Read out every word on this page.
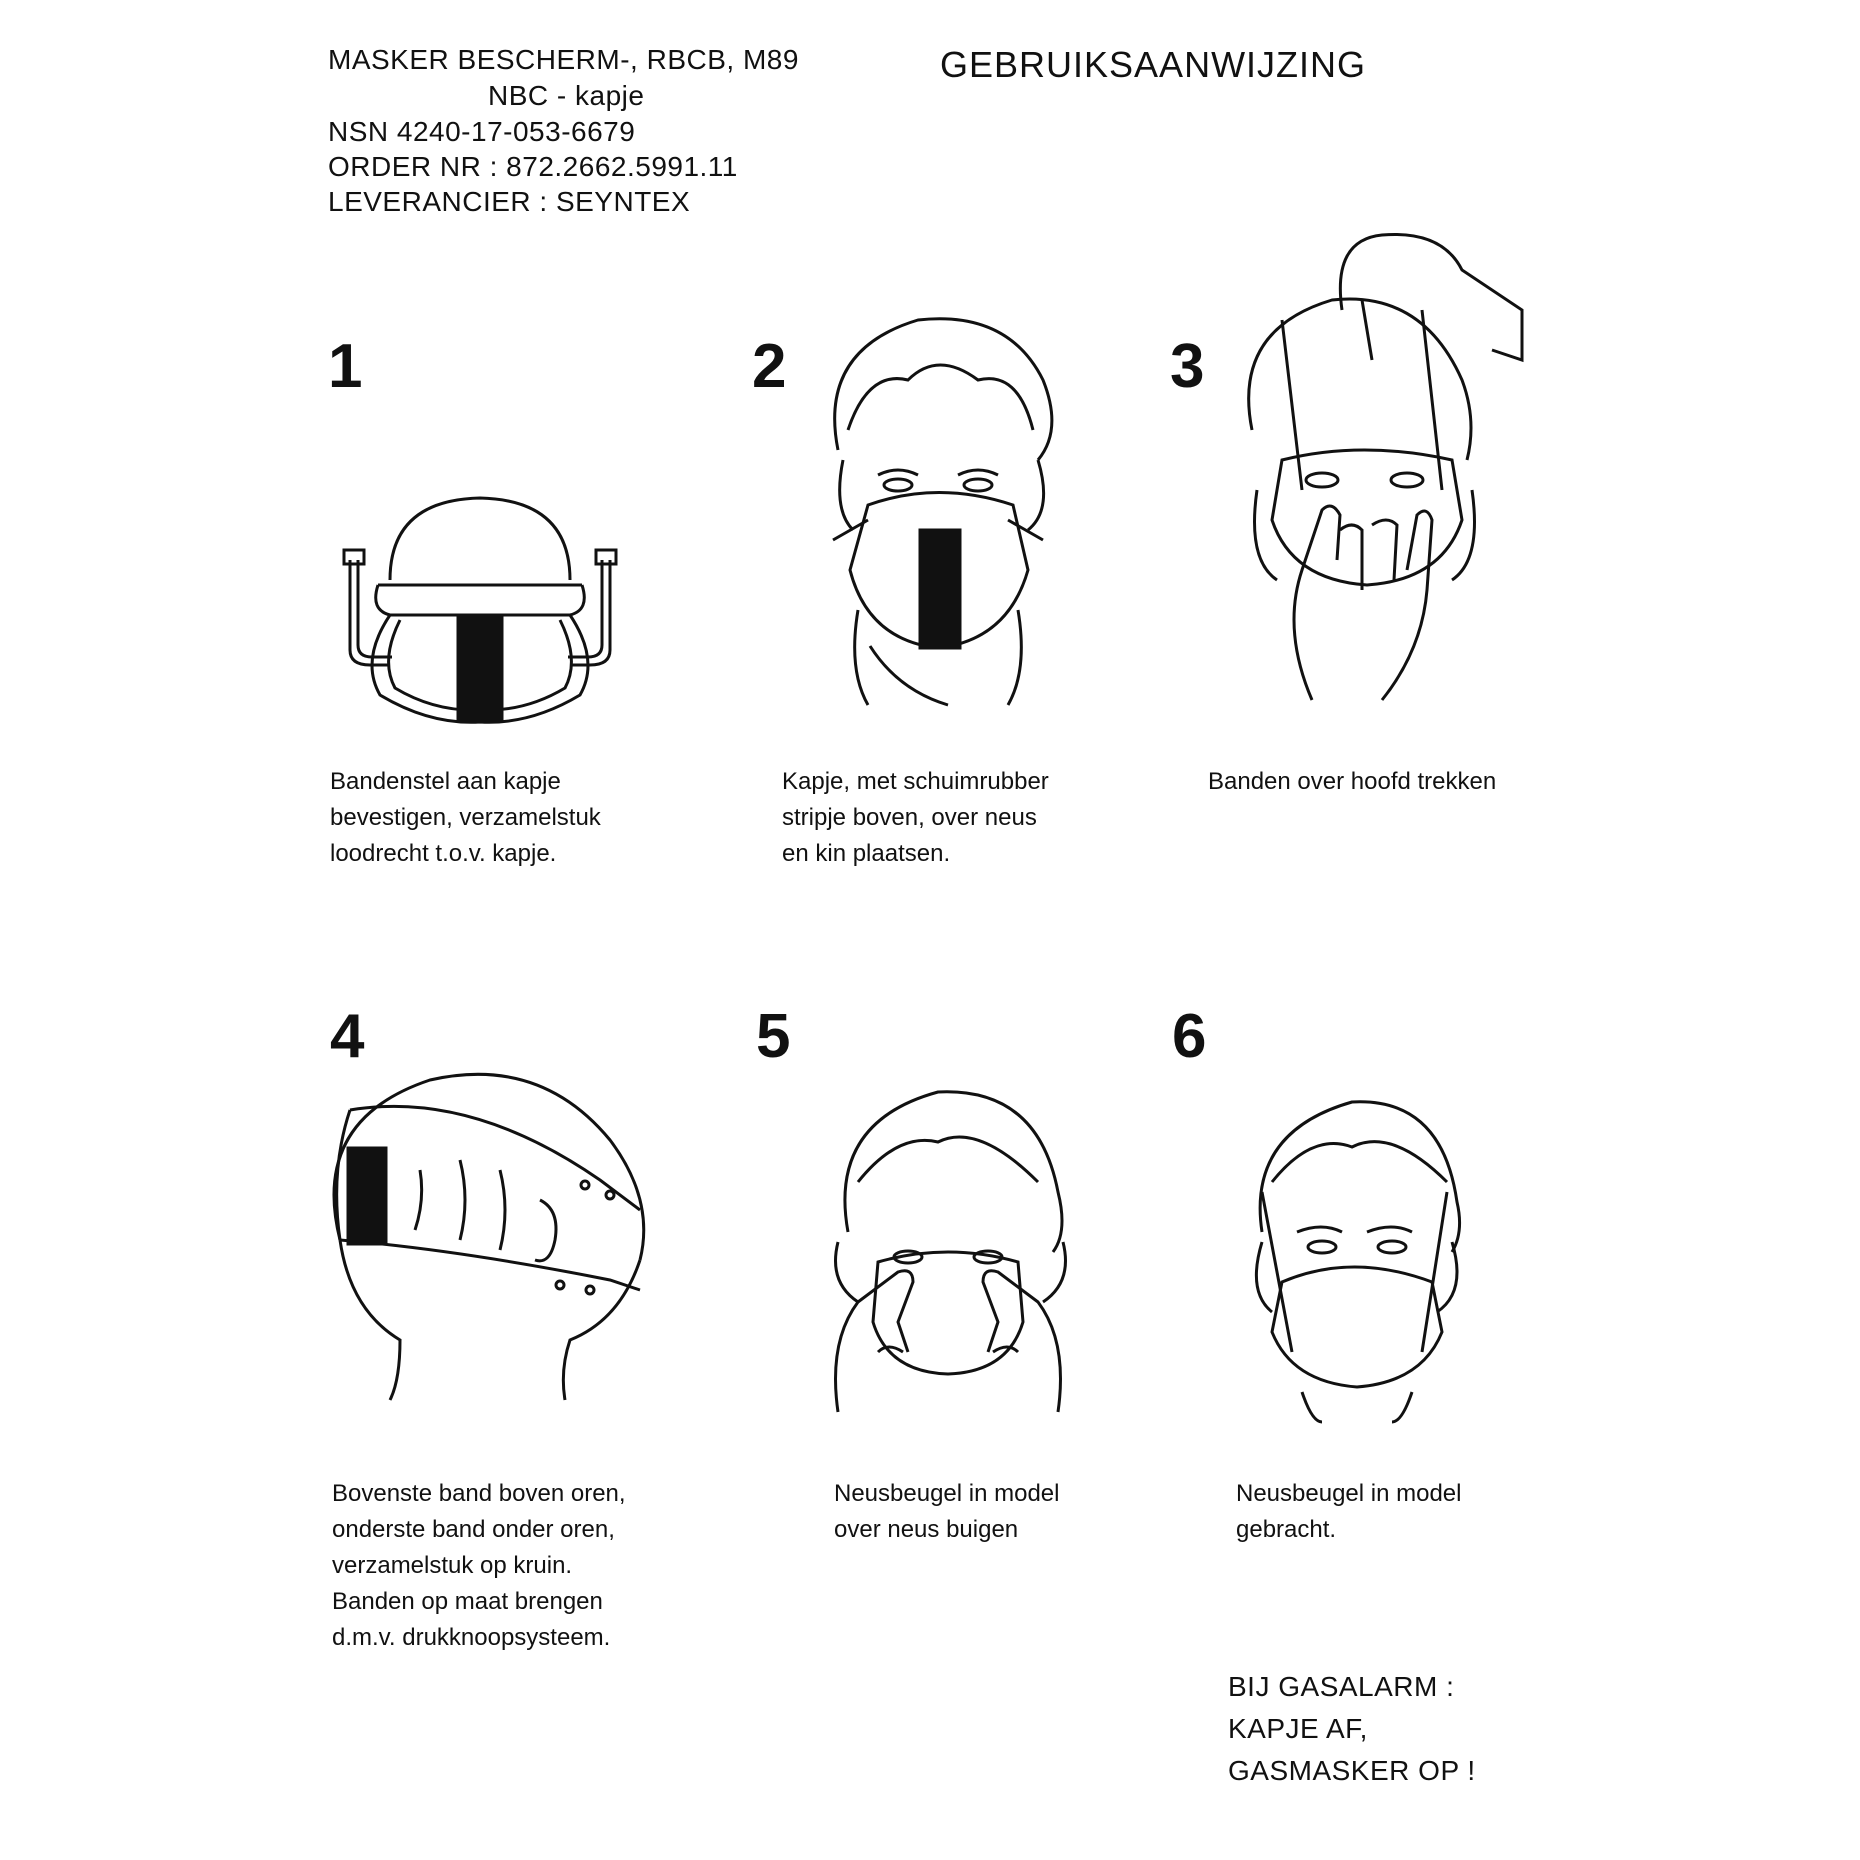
MASKER BESCHERM-, RBCB, M89
NBC - kapje
NSN 4240-17-053-6679
ORDER NR : 872.2662.5991.11
LEVERANCIER : SEYNTEX
GEBRUIKSAANWIJZING
1
Bandenstel aan kapje
bevestigen, verzamelstuk
loodrecht t.o.v. kapje.
2
Kapje, met schuimrubber
stripje boven, over neus
en kin plaatsen.
3
Banden over hoofd trekken
4
Bovenste band boven oren,
onderste band onder oren,
verzamelstuk op kruin.
Banden op maat brengen
d.m.v. drukknoopsysteem.
5
Neusbeugel in model
over neus buigen
6
Neusbeugel in model
gebracht.
BIJ GASALARM :
KAPJE AF,
GASMASKER OP !
